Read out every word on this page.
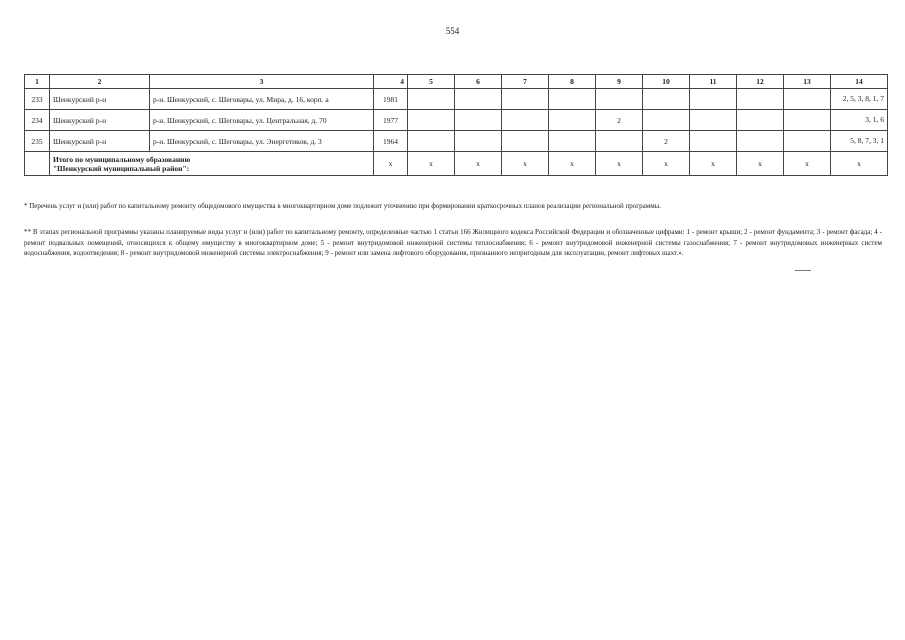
554
1	2	3	4	5	6	7	8	9	10	11	12	13	14
233	Шенкурский р-н	р-н. Шенкурский, с. Шеговары, ул. Мира, д. 16, корп. а	1981										2, 5, 3, 8, 1, 7
234	Шенкурский р-н	р-н. Шенкурский, с. Шеговары, ул. Центральная, д. 70	1977					2					3, 1, 6
235	Шенкурский р-н	р-н. Шенкурский, с. Шеговары, ул. Энергетиков, д. 3	1964						2				5, 8, 7, 3, 1
	Итого по муниципальному образованию
"Шенкурский муниципальный район":		x	x	x	x	x	x	x	x	x	x	x
* Перечень услуг и (или) работ по капитальному ремонту общедомового имущества в многоквартирном доме подлежит уточнению при формировании краткосрочных планов реализации региональной программы.
** В этапах региональной программы указаны планируемые виды услуг и (или) работ по капитальному ремонту, определенные частью 1 статьи 166 Жилищного кодекса Российской Федерации и обозначенные цифрами: 1 - ремонт крыши; 2 - ремонт фундамента; 3 - ремонт фасада; 4 - ремонт подвальных помещений, относящихся к общему имуществу в многоквартирном доме; 5 - ремонт внутридомовой инженерной системы теплоснабжения; 6 - ремонт внутридомовой инженерной системы газоснабжения; 7 - ремонт внутридомовых инженерных систем водоснабжения, водоотведения; 8 - ремонт внутридомовой инженерной системы электроснабжения; 9 - ремонт или замена лифтового оборудования, признанного непригодным для эксплуатации, ремонт лифтовых шахт.».
